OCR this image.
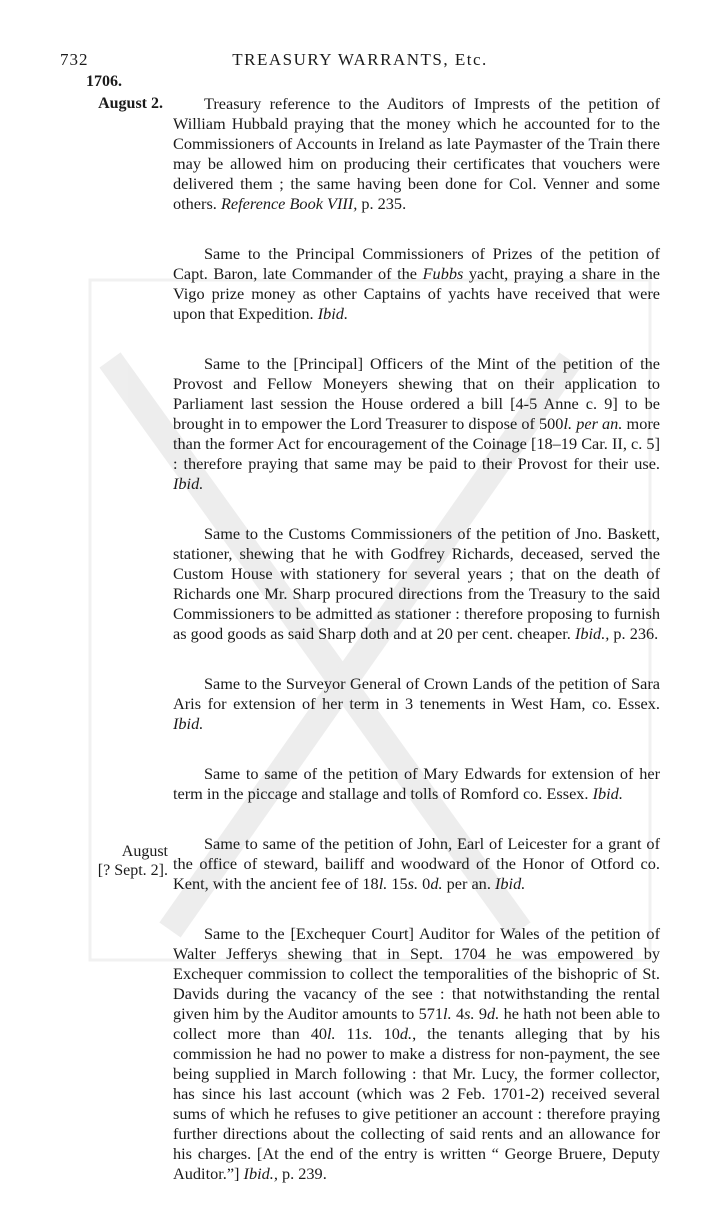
732	TREASURY WARRANTS, Etc.
1706.
August 2.
August
[? Sept. 2].

Treasury reference to the Auditors of Imprests of the petition of William Hubbald praying that the money which he accounted for to the Commissioners of Accounts in Ireland as late Paymaster of the Train there may be allowed him on producing their certificates that vouchers were delivered them ; the same having been done for Col. Venner and some others. Reference Book VIII, p. 235.

Same to the Principal Commissioners of Prizes of the petition of Capt. Baron, late Commander of the Fubbs yacht, praying a share in the Vigo prize money as other Captains of yachts have received that were upon that Expedition. Ibid.

Same to the [Principal] Officers of the Mint of the petition of the Provost and Fellow Moneyers shewing that on their application to Parliament last session the House ordered a bill [4-5 Anne c. 9] to be brought in to empower the Lord Treasurer to dispose of 500l. per an. more than the former Act for encouragement of the Coinage [18–19 Car. II, c. 5] : therefore praying that same may be paid to their Provost for their use. Ibid.

Same to the Customs Commissioners of the petition of Jno. Baskett, stationer, shewing that he with Godfrey Richards, deceased, served the Custom House with stationery for several years ; that on the death of Richards one Mr. Sharp procured directions from the Treasury to the said Commissioners to be admitted as stationer : therefore proposing to furnish as good goods as said Sharp doth and at 20 per cent. cheaper. Ibid., p. 236.

Same to the Surveyor General of Crown Lands of the petition of Sara Aris for extension of her term in 3 tenements in West Ham, co. Essex. Ibid.

Same to same of the petition of Mary Edwards for extension of her term in the piccage and stallage and tolls of Romford co. Essex. Ibid.

Same to same of the petition of John, Earl of Leicester for a grant of the office of steward, bailiff and woodward of the Honor of Otford co. Kent, with the ancient fee of 18l. 15s. 0d. per an. Ibid.

Same to the [Exchequer Court] Auditor for Wales of the petition of Walter Jefferys shewing that in Sept. 1704 he was empowered by Exchequer commission to collect the temporalities of the bishopric of St. Davids during the vacancy of the see : that notwithstanding the rental given him by the Auditor amounts to 571l. 4s. 9d. he hath not been able to collect more than 40l. 11s. 10d., the tenants alleging that by his commission he had no power to make a distress for non-payment, the see being supplied in March following : that Mr. Lucy, the former collector, has since his last account (which was 2 Feb. 1701-2) received several sums of which he refuses to give petitioner an account : therefore praying further directions about the collecting of said rents and an allowance for his charges. [At the end of the entry is written “ George Bruere, Deputy Auditor.”] Ibid., p. 239.
